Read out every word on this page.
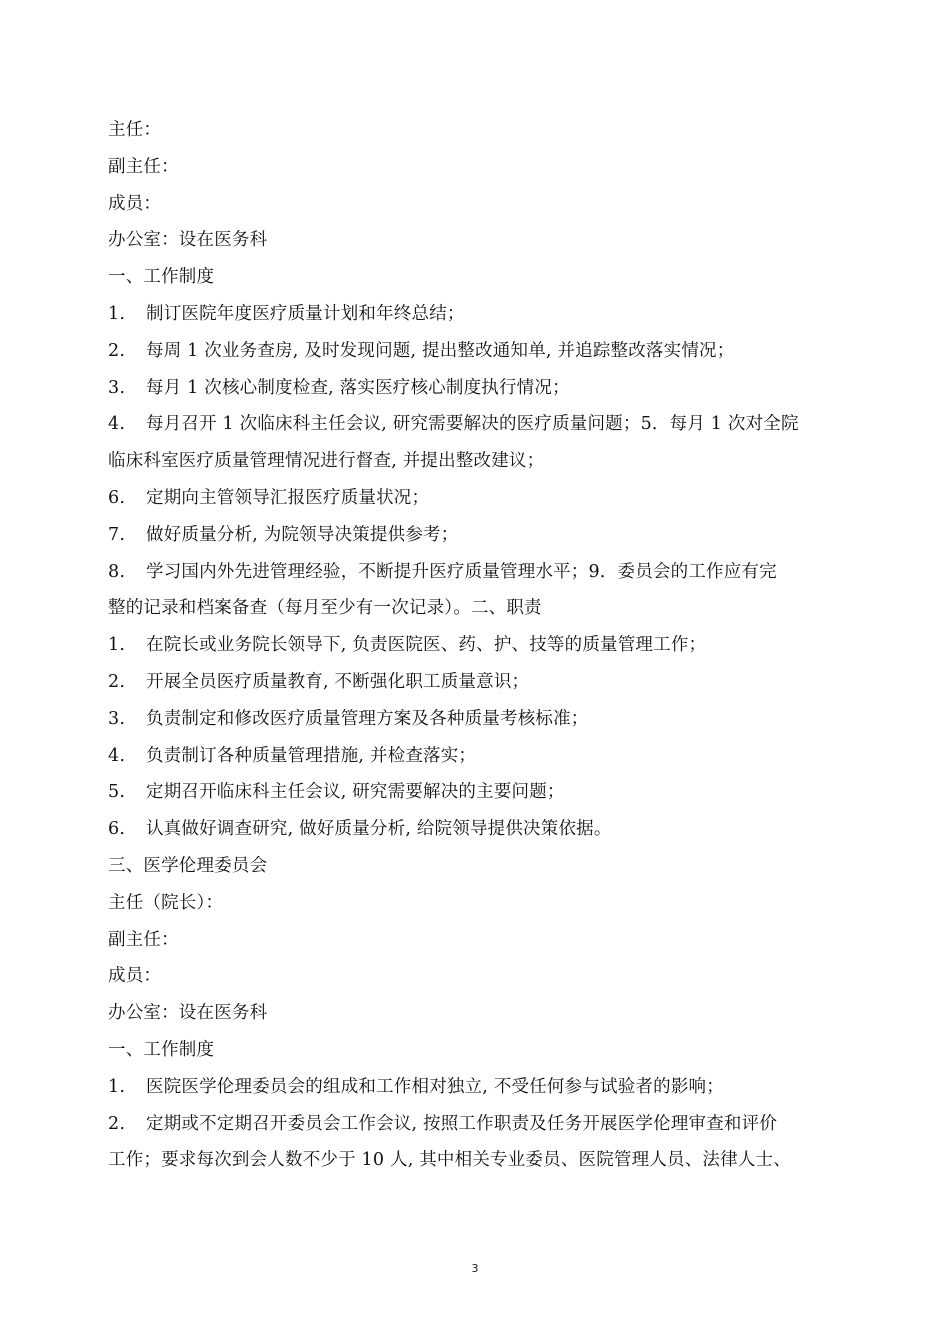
主任：
副主任：
成员：
办公室：设在医务科
一、工作制度
1. 制订医院年度医疗质量计划和年终总结；
2. 每周 1 次业务查房, 及时发现问题, 提出整改通知单, 并追踪整改落实情况；
3. 每月 1 次核心制度检查, 落实医疗核心制度执行情况；
4. 每月召开 1 次临床科主任会议, 研究需要解决的医疗质量问题；5．每月 1 次对全院
临床科室医疗质量管理情况进行督查, 并提出整改建议；
6. 定期向主管领导汇报医疗质量状况；
7. 做好质量分析, 为院领导决策提供参考；
8. 学习国内外先进管理经验，不断提升医疗质量管理水平；9．委员会的工作应有完
整的记录和档案备查（每月至少有一次记录）。二、职责
1. 在院长或业务院长领导下, 负责医院医、药、护、技等的质量管理工作；
2. 开展全员医疗质量教育, 不断强化职工质量意识；
3. 负责制定和修改医疗质量管理方案及各种质量考核标准；
4. 负责制订各种质量管理措施, 并检查落实；
5. 定期召开临床科主任会议, 研究需要解决的主要问题；
6. 认真做好调查研究, 做好质量分析, 给院领导提供决策依据。
三、医学伦理委员会
主任（院长）：
副主任：
成员：
办公室：设在医务科
一、工作制度
1. 医院医学伦理委员会的组成和工作相对独立, 不受任何参与试验者的影响；
2. 定期或不定期召开委员会工作会议, 按照工作职责及任务开展医学伦理审查和评价
工作；要求每次到会人数不少于 10 人, 其中相关专业委员、医院管理人员、法律人士、
3
